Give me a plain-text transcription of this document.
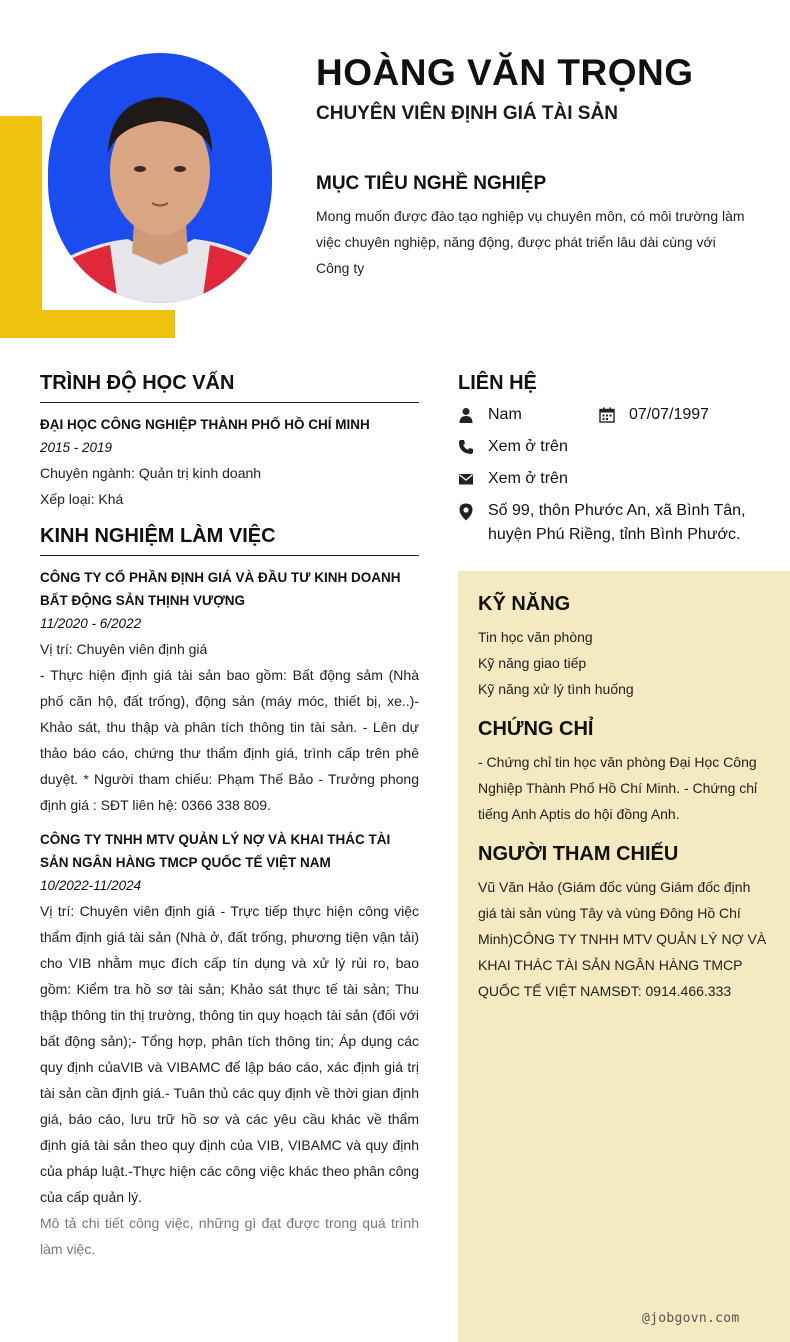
HOÀNG VĂN TRỌNG
CHUYÊN VIÊN ĐỊNH GIÁ TÀI SẢN
MỤC TIÊU NGHỀ NGHIỆP
Mong muốn được đào tạo nghiệp vụ chuyên môn, có môi trường làm việc chuyên nghiệp, năng động, được phát triển lâu dài cùng với Công ty
TRÌNH ĐỘ HỌC VẤN
ĐẠI HỌC CÔNG NGHIỆP THÀNH PHỐ HỒ CHÍ MINH
2015 - 2019
Chuyên ngành: Quản trị kinh doanh
Xếp loại: Khá
KINH NGHIỆM LÀM VIỆC
CÔNG TY CỔ PHẦN ĐỊNH GIÁ VÀ ĐẦU TƯ KINH DOANH BẤT ĐỘNG SẢN THỊNH VƯỢNG
11/2020 - 6/2022
Vị trí: Chuyên viên định giá
- Thực hiện định giá tài sản bao gồm: Bất động sảm (Nhà phố căn hộ, đất trống), động sản (máy móc, thiết bị, xe..)- Khảo sát, thu thập và phân tích thông tin tài sản. - Lên dự thảo báo cáo, chứng thư thẩm định giá, trình cấp trên phê duyệt. * Người tham chiếu: Phạm Thế Bảo - Trưởng phong định giá : SĐT liên hệ: 0366 338 809.
CÔNG TY TNHH MTV QUẢN LÝ NỢ VÀ KHAI THÁC TÀI SẢN NGÂN HÀNG TMCP QUỐC TẾ VIỆT NAM
10/2022-11/2024
Vị trí: Chuyên viên định giá - Trực tiếp thực hiện công việc thẩm định giá tài sản (Nhà ở, đất trống, phương tiện vận tải) cho VIB nhằm mục đích cấp tín dụng và xử lý rủi ro, bao gồm: Kiểm tra hồ sơ tài sản; Khảo sát thực tế tài sản; Thu thập thông tin thị trường, thông tin quy hoạch tài sản (đối với bất động sản);- Tổng hợp, phân tích thông tin; Áp dụng các quy định củaVIB và VIBAMC để lập báo cáo, xác định giá trị tài sản cần định giá.- Tuân thủ các quy định về thời gian định giá, báo cáo, lưu trữ hồ sơ và các yêu cầu khác về thẩm định giá tài sản theo quy định của VIB, VIBAMC và quy định của pháp luật.-Thực hiện các công việc khác theo phân công của cấp quản lý.
Mô tả chi tiết công việc, những gì đạt được trong quá trình làm việc.
LIÊN HỆ
Nam	07/07/1997
Xem ở trên
Xem ở trên
Số 99, thôn Phước An, xã Bình Tân, huyện Phú Riềng, tỉnh Bình Phước.
KỸ NĂNG
Tin học văn phòng
Kỹ năng giao tiếp
Kỹ năng xử lý tình huống
CHỨNG CHỈ
- Chứng chỉ tin học văn phòng Đại Học Công Nghiệp Thành Phố Hồ Chí Minh. - Chứng chỉ tiếng Anh Aptis do hội đồng Anh.
NGƯỜI THAM CHIẾU
Vũ Văn Hảo (Giám đốc vùng Giám đốc định giá tài sản vùng Tây và vùng Đông Hồ Chí Minh)CÔNG TY TNHH MTV QUẢN LÝ NỢ VÀ KHAI THÁC TÀI SẢN NGÂN HÀNG TMCP QUỐC TẾ VIỆT NAMSĐT: 0914.466.333
@jobgovn.com
